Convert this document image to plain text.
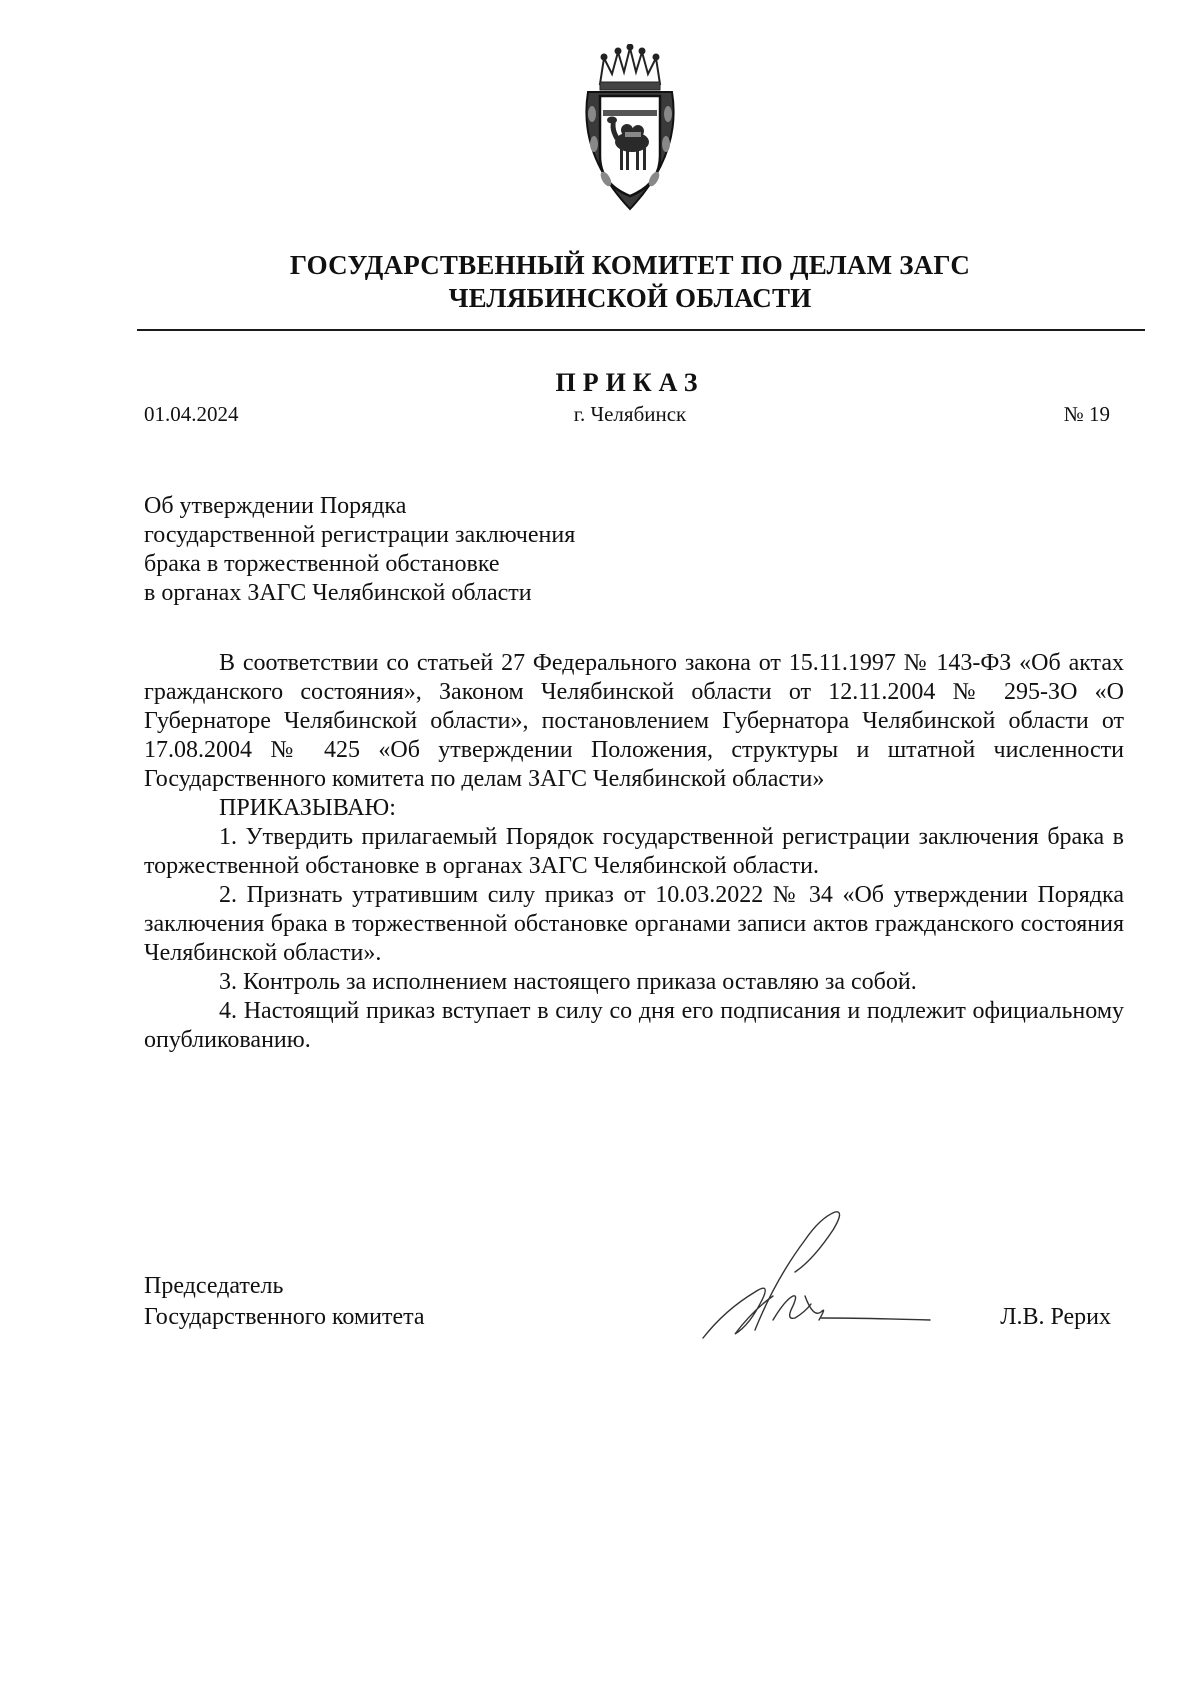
ГОСУДАРСТВЕННЫЙ КОМИТЕТ ПО ДЕЛАМ ЗАГС
ЧЕЛЯБИНСКОЙ ОБЛАСТИ
ПРИКАЗ
01.04.2024	г. Челябинск	№ 19
Об утверждении Порядка
государственной регистрации заключения
брака в торжественной обстановке
в органах ЗАГС Челябинской области

В соответствии со статьей 27 Федерального закона от 15.11.1997 № 143-ФЗ «Об актах гражданского состояния», Законом Челябинской области от 12.11.2004 № 295-ЗО «О Губернаторе Челябинской области», постановлением Губернатора Челябинской области от 17.08.2004 № 425 «Об утверждении Положения, структуры и штатной численности Государственного комитета по делам ЗАГС Челябинской области»

ПРИКАЗЫВАЮ:

1. Утвердить прилагаемый Порядок государственной регистрации заключения брака в торжественной обстановке в органах ЗАГС Челябинской области.

2. Признать утратившим силу приказ от 10.03.2022 № 34 «Об утверждении Порядка заключения брака в торжественной обстановке органами записи актов гражданского состояния Челябинской области».

3. Контроль за исполнением настоящего приказа оставляю за собой.

4. Настоящий приказ вступает в силу со дня его подписания и подлежит официальному опубликованию.

Председатель
Государственного комитета	Л.В. Рерих
